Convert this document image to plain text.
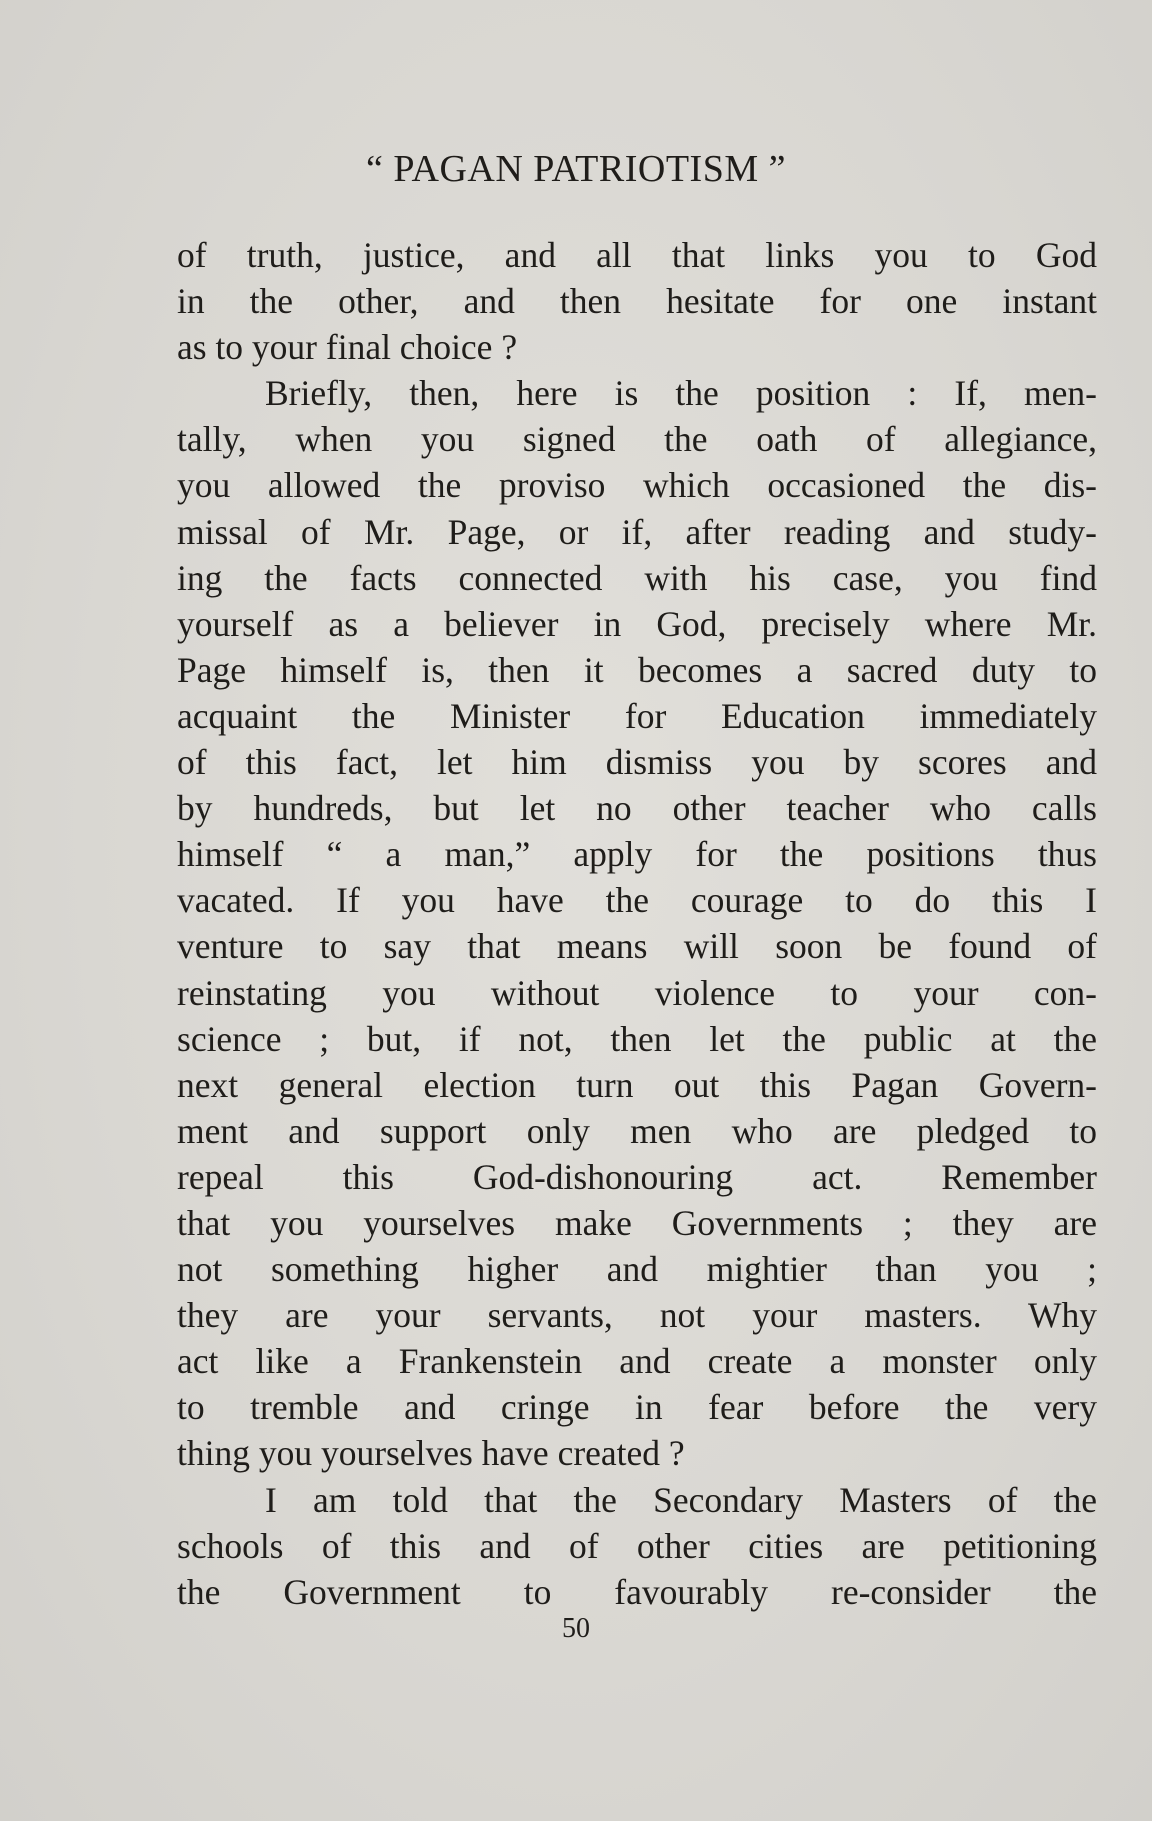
“ PAGAN PATRIOTISM ”
of truth, justice, and all that links you to God
in the other, and then hesitate for one instant
as to your final choice ?
Briefly, then, here is the position : If, men-
tally, when you signed the oath of allegiance,
you allowed the proviso which occasioned the dis-
missal of Mr. Page, or if, after reading and study-
ing the facts connected with his case, you find
yourself as a believer in God, precisely where Mr.
Page himself is, then it becomes a sacred duty to
acquaint the Minister for Education immediately
of this fact, let him dismiss you by scores and
by hundreds, but let no other teacher who calls
himself “ a man,” apply for the positions thus
vacated. If you have the courage to do this I
venture to say that means will soon be found of
reinstating you without violence to your con-
science ; but, if not, then let the public at the
next general election turn out this Pagan Govern-
ment and support only men who are pledged to
repeal this God-dishonouring act. Remember
that you yourselves make Governments ; they are
not something higher and mightier than you ;
they are your servants, not your masters. Why
act like a Frankenstein and create a monster only
to tremble and cringe in fear before the very
thing you yourselves have created ?
I am told that the Secondary Masters of the
schools of this and of other cities are petitioning
the Government to favourably re-consider the
50
